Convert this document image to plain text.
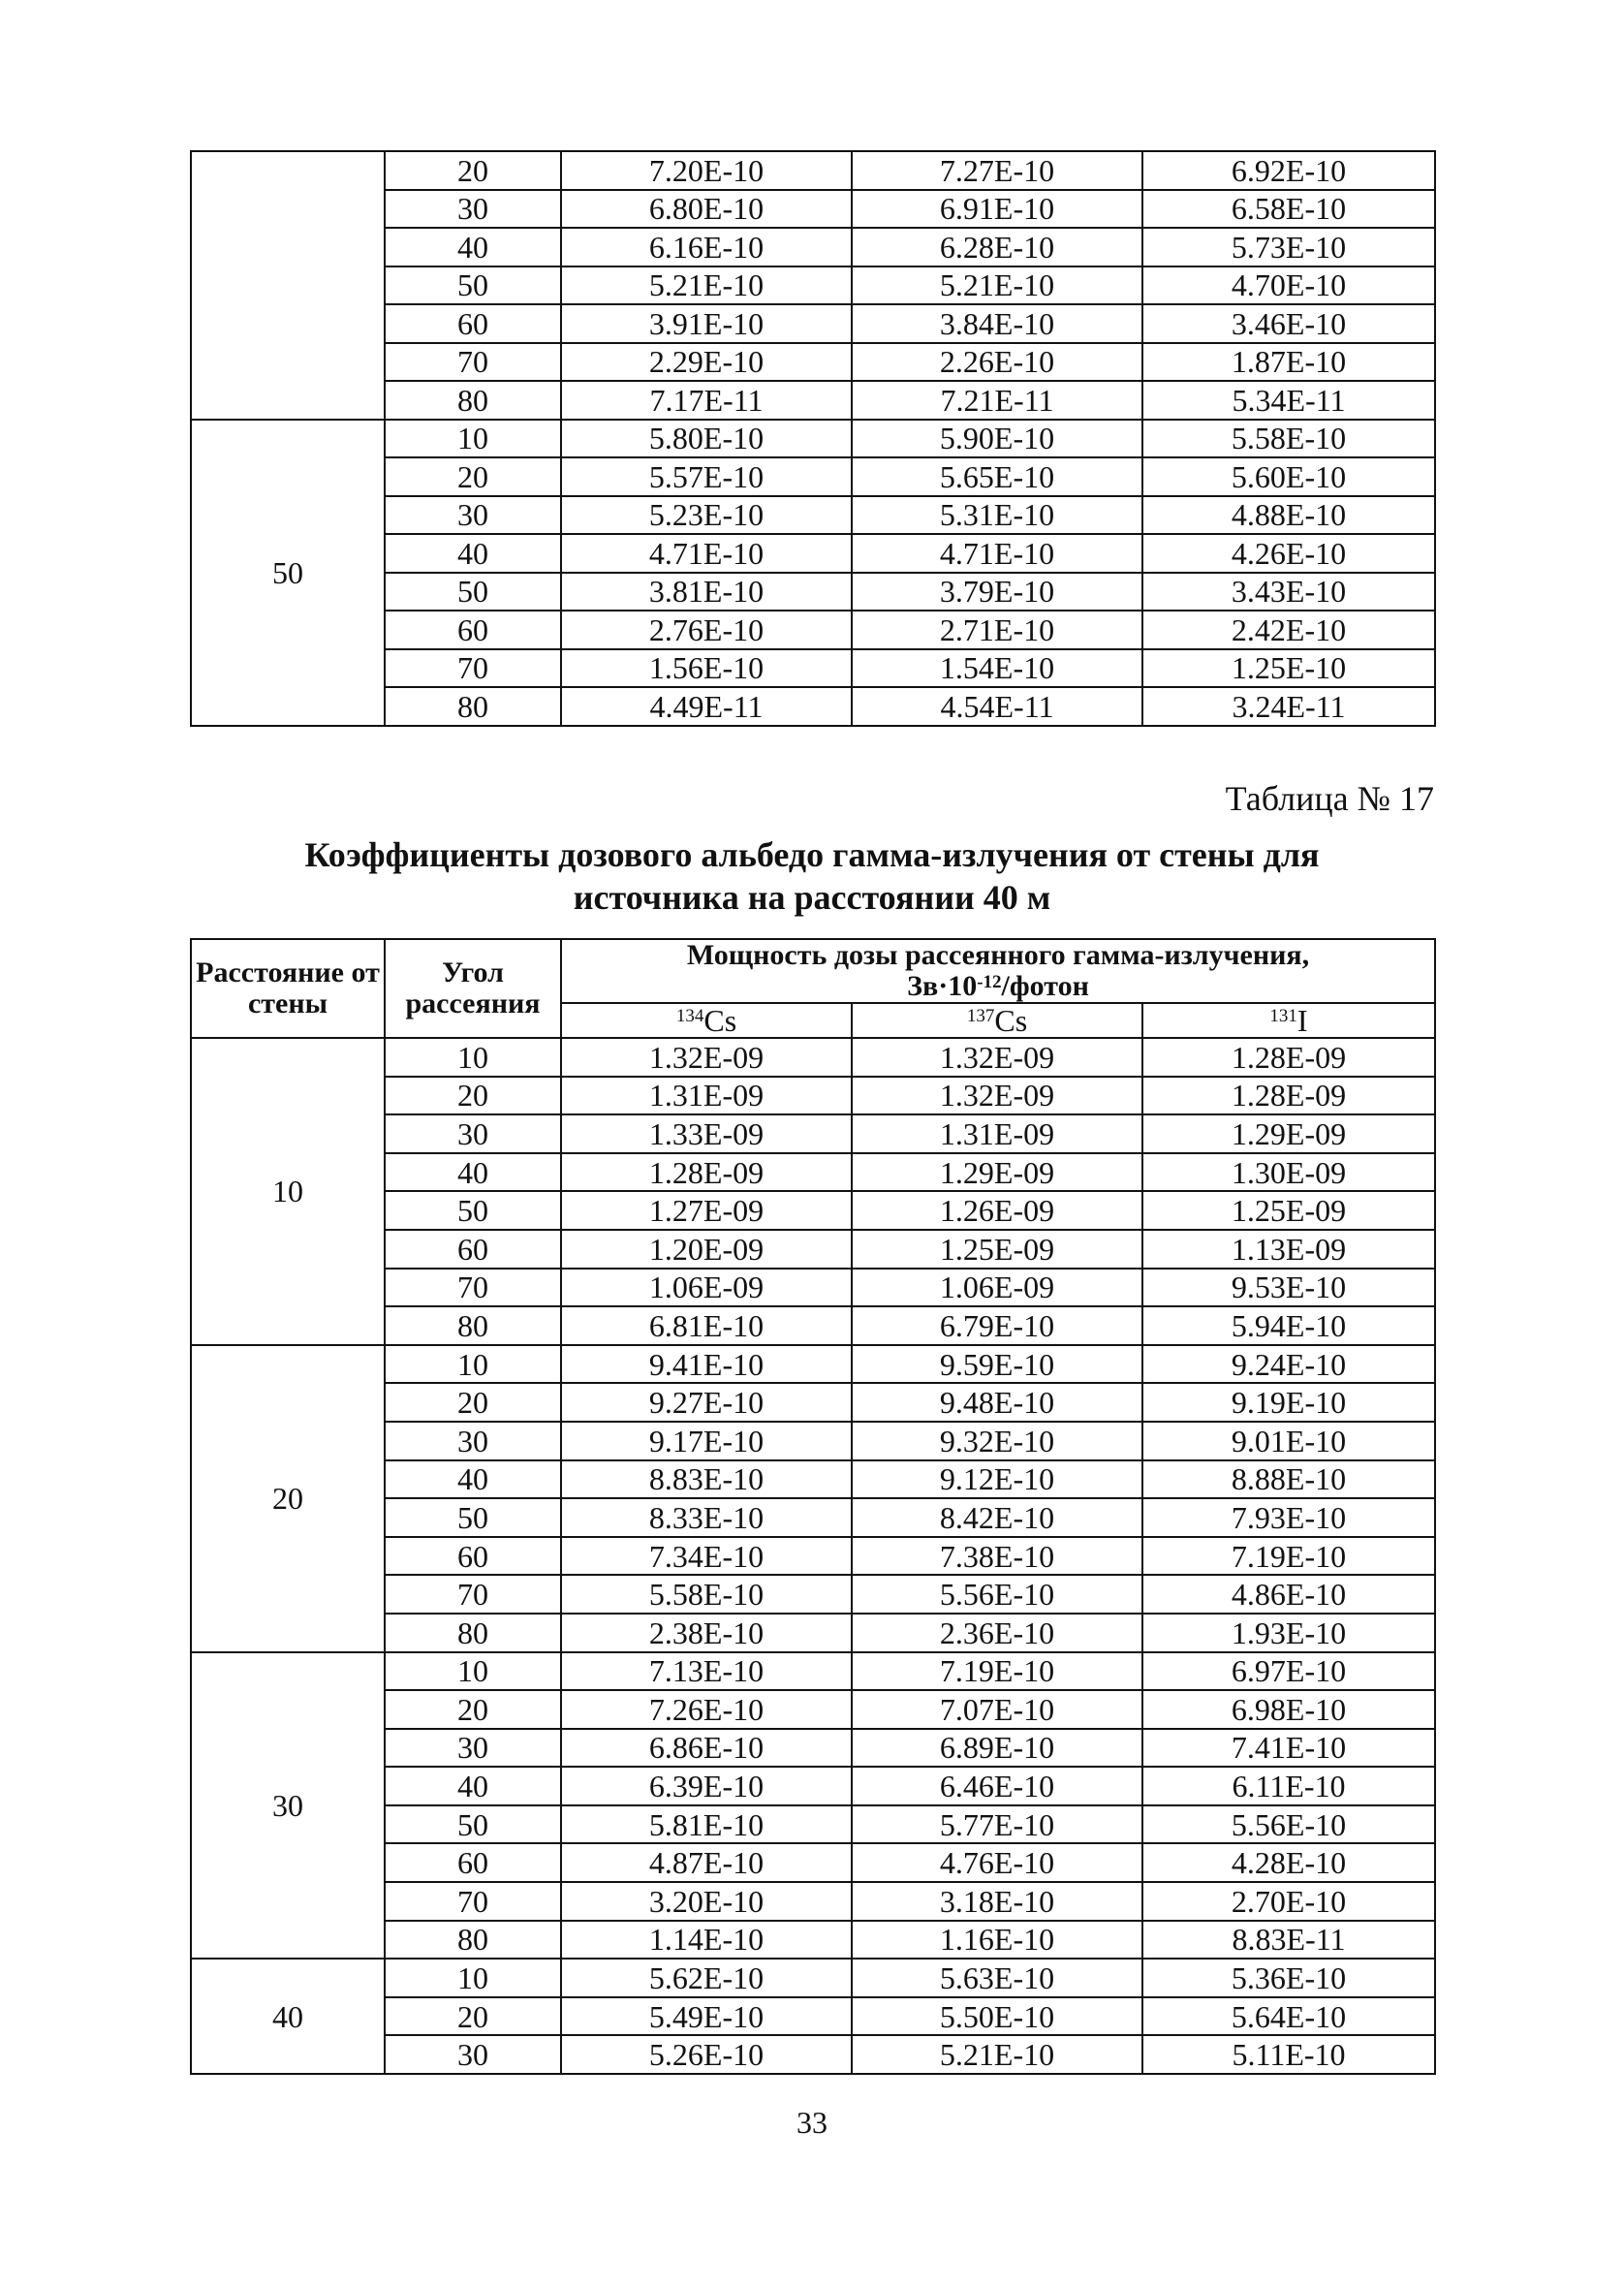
	20	7.20E-10	7.27E-10	6.92E-10
	30	6.80E-10	6.91E-10	6.58E-10
	40	6.16E-10	6.28E-10	5.73E-10
	50	5.21E-10	5.21E-10	4.70E-10
	60	3.91E-10	3.84E-10	3.46E-10
	70	2.29E-10	2.26E-10	1.87E-10
	80	7.17E-11	7.21E-11	5.34E-11
50	10	5.80E-10	5.90E-10	5.58E-10
	20	5.57E-10	5.65E-10	5.60E-10
	30	5.23E-10	5.31E-10	4.88E-10
	40	4.71E-10	4.71E-10	4.26E-10
	50	3.81E-10	3.79E-10	3.43E-10
	60	2.76E-10	2.71E-10	2.42E-10
	70	1.56E-10	1.54E-10	1.25E-10
	80	4.49E-11	4.54E-11	3.24E-11
Таблица № 17
Коэффициенты дозового альбедо гамма-излучения от стены для
источника на расстоянии 40 м
Расстояние от стены	Угол рассеяния	Мощность дозы рассеянного гамма-излучения,
$Зв\cdot 10^{-12}$/фотон		

		$^{134}$Cs	$^{137}$Cs	$^{131}$I
10	10	1.32E-09	1.32E-09	1.28E-09
	20	1.31E-09	1.32E-09	1.28E-09
	30	1.33E-09	1.31E-09	1.29E-09
	40	1.28E-09	1.29E-09	1.30E-09
	50	1.27E-09	1.26E-09	1.25E-09
	60	1.20E-09	1.25E-09	1.13E-09
	70	1.06E-09	1.06E-09	9.53E-10
	80	6.81E-10	6.79E-10	5.94E-10
20	10	9.41E-10	9.59E-10	9.24E-10
	20	9.27E-10	9.48E-10	9.19E-10
	30	9.17E-10	9.32E-10	9.01E-10
	40	8.83E-10	9.12E-10	8.88E-10
	50	8.33E-10	8.42E-10	7.93E-10
	60	7.34E-10	7.38E-10	7.19E-10
	70	5.58E-10	5.56E-10	4.86E-10
	80	2.38E-10	2.36E-10	1.93E-10
30	10	7.13E-10	7.19E-10	6.97E-10
	20	7.26E-10	7.07E-10	6.98E-10
	30	6.86E-10	6.89E-10	7.41E-10
	40	6.39E-10	6.46E-10	6.11E-10
	50	5.81E-10	5.77E-10	5.56E-10
	60	4.87E-10	4.76E-10	4.28E-10
	70	3.20E-10	3.18E-10	2.70E-10
	80	1.14E-10	1.16E-10	8.83E-11
40	10	5.62E-10	5.63E-10	5.36E-10
	20	5.49E-10	5.50E-10	5.64E-10
	30	5.26E-10	5.21E-10	5.11E-10
33
